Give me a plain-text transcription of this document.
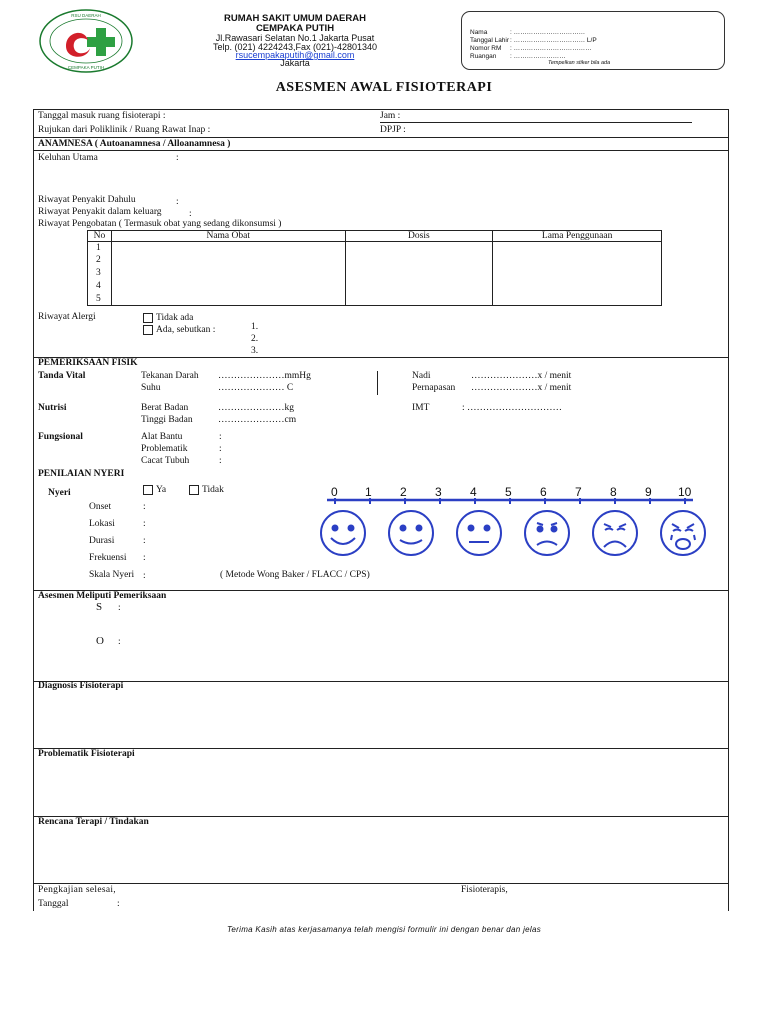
RSU DAERAH
CEMPAKA PUTIH
RUMAH SAKIT UMUM DAERAH
CEMPAKA PUTIH
Jl.Rawasari Selatan No.1 Jakarta Pusat
Telp. (021) 4224243,Fax (021)-42801340
rsucempakaputih@gmail.com
Jakarta
Nama	: ……………………………
Tanggal Lahir: …………………………… L/P
Nomor RM : ………………………………
Ruangan : ……………………
Tempelkan stiker bila ada
ASESMEN AWAL FISIOTERAPI
Tanggal masuk ruang fisioterapi :	Jam :
Rujukan dari Poliklinik / Ruang Rawat Inap :	DPJP :
ANAMNESA ( Autoanamnesa / Alloanamnesa )
Keluhan Utama	:
Riwayat Penyakit Dahulu	:
Riwayat Penyakit dalam keluarg	:
Riwayat Pengobatan ( Termasuk obat yang sedang dikonsumsi )
No	Nama Obat	Dosis	Lama Penggunaan
1			
2			
3			
4			
5			
Riwayat Alergi	Tidak ada
Ada, sebutkan :	1.
2.
3.
PEMERIKSAAN FISIK
Tanda Vital	Tekanan Darah …………………mmHg
Suhu	………………… C
Nadi	…………………x / menit
Pernapasan …………………x / menit
Nutrisi	Berat Badan	…………………kg
Tinggi Badan	…………………cm
IMT	: …………………………
Fungsional	Alat Bantu	:
Problematik	:
Cacat Tubuh	:
PENILAIAN NYERI
Nyeri	Ya	Tidak
Onset	:
Lokasi	:
Durasi	:
Frekuensi :
Skala Nyeri :	( Metode Wong Baker / FLACC / CPS)
0 1 2 3 4 5 6 7 8 9 10
Asesmen Meliputi Pemeriksaan
S :
O :
Diagnosis Fisioterapi
Problematik Fisioterapi
Rencana Terapi / Tindakan
Pengkajian selesai,	Fisioterapis,
Tanggal	:
Terima Kasih atas kerjasamanya telah mengisi formulir ini dengan benar dan jelas
